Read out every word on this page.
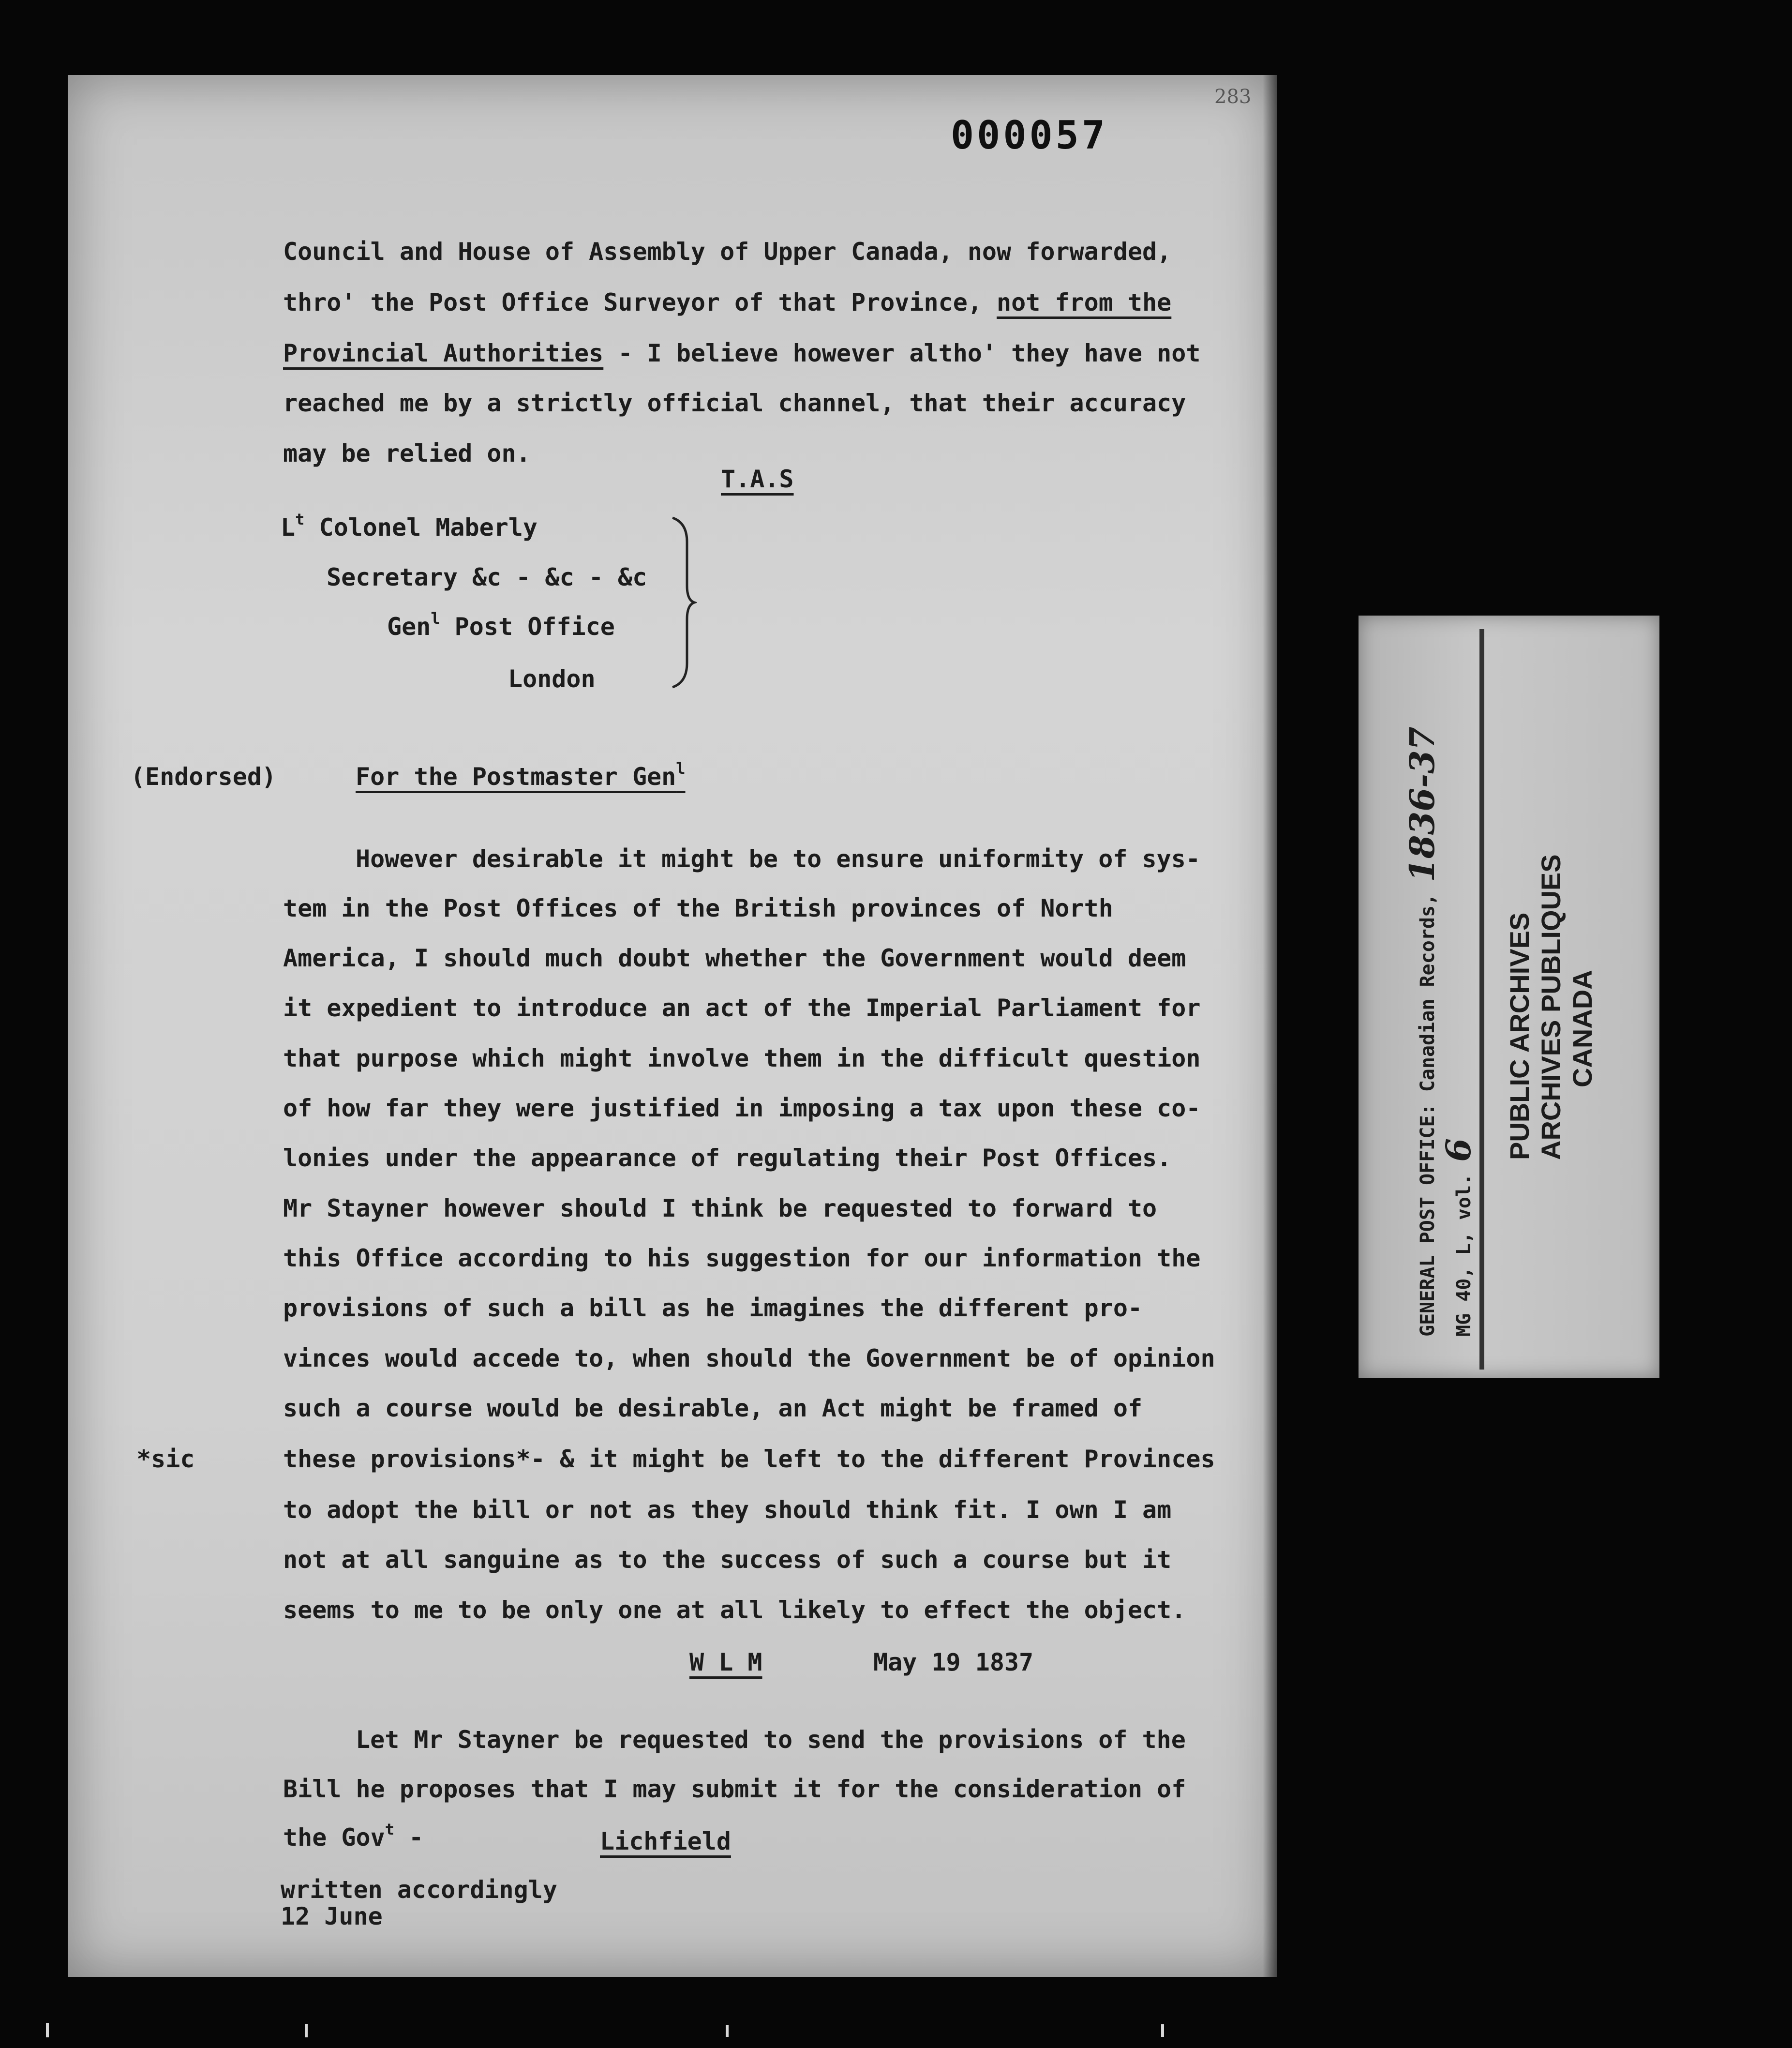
283

000057

Council and House of Assembly of Upper Canada, now forwarded,

thro' the Post Office Surveyor of that Province, not from the

Provincial Authorities - I believe however altho' they have not

reached me by a strictly official channel, that their accuracy

may be relied on.

T.A.S

$L^t$ Colonel Maberly

Secretary &c - &c - &c

Gen$^l$ Post Office

London

(Endorsed)	For the Postmaster Gen$^l$

However desirable it might be to ensure uniformity of sys-

tem in the Post Offices of the British provinces of North

America, I should much doubt whether the Government would deem

it expedient to introduce an act of the Imperial Parliament for

that purpose which might involve them in the difficult question

of how far they were justified in imposing a tax upon these co-

lonies under the appearance of regulating their Post Offices.

Mr Stayner however should I think be requested to forward to

this Office according to his suggestion for our information the

provisions of such a bill as he imagines the different pro-

vinces would accede to, when should the Government be of opinion

such a course would be desirable, an Act might be framed of

these provisions*- & it might be left to the different Provinces

to adopt the bill or not as they should think fit. I own I am

not at all sanguine as to the success of such a course but it

seems to me to be only one at all likely to effect the object.

*sic

W L M	May 19 1837

Let Mr Stayner be requested to send the provisions of the

Bill he proposes that I may submit it for the consideration of

the Gov$^t$ -	Lichfield

written accordingly

12 June

GENERAL POST OFFICE: Canadian Records, 1836-37

MG 40, L, vol. 6 PUBLIC ARCHIVES ARCHIVES PUBLIQUES CANADA
